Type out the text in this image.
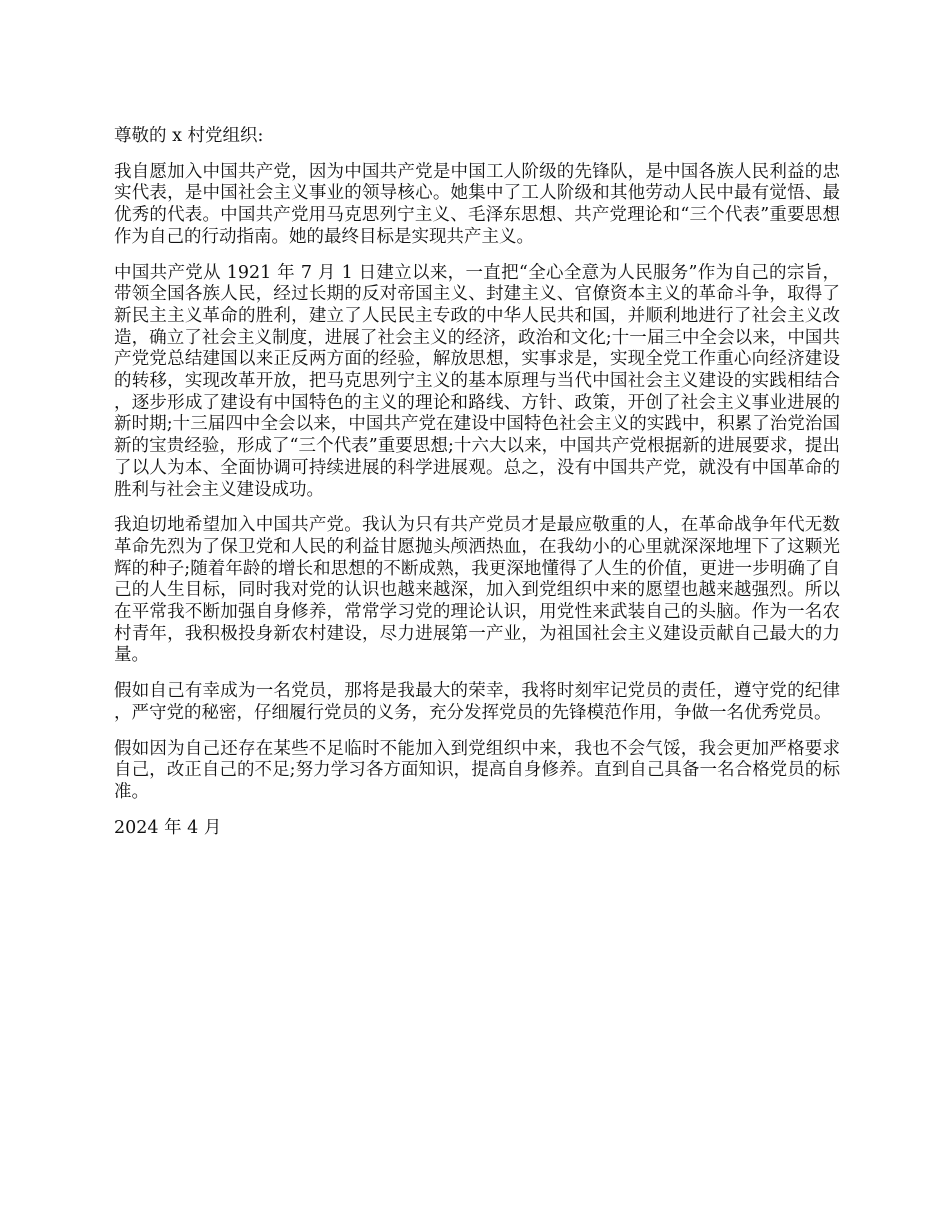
尊敬的 x 村党组织:

我自愿加入中国共产党，因为中国共产党是中国工人阶级的先锋队，是中国各族人民利益的忠实代表，是中国社会主义事业的领导核心。她集中了工人阶级和其他劳动人民中最有觉悟、最优秀的代表。中国共产党用马克思列宁主义、毛泽东思想、共产党理论和“三个代表”重要思想作为自己的行动指南。她的最终目标是实现共产主义。

中国共产党从 1921 年 7 月 1 日建立以来，一直把“全心全意为人民服务”作为自己的宗旨，带领全国各族人民，经过长期的反对帝国主义、封建主义、官僚资本主义的革命斗争，取得了新民主主义革命的胜利，建立了人民民主专政的中华人民共和国，并顺利地进行了社会主义改造，确立了社会主义制度，进展了社会主义的经济，政治和文化;十一届三中全会以来，中国共产党党总结建国以来正反两方面的经验，解放思想，实事求是，实现全党工作重心向经济建设的转移，实现改革开放，把马克思列宁主义的基本原理与当代中国社会主义建设的实践相结合，逐步形成了建设有中国特色的主义的理论和路线、方针、政策，开创了社会主义事业进展的新时期;十三届四中全会以来，中国共产党在建设中国特色社会主义的实践中，积累了治党治国新的宝贵经验，形成了“三个代表”重要思想;十六大以来，中国共产党根据新的进展要求，提出了以人为本、全面协调可持续进展的科学进展观。总之，没有中国共产党，就没有中国革命的胜利与社会主义建设成功。

我迫切地希望加入中国共产党。我认为只有共产党员才是最应敬重的人，在革命战争年代无数革命先烈为了保卫党和人民的利益甘愿抛头颅洒热血，在我幼小的心里就深深地埋下了这颗光辉的种子;随着年龄的增长和思想的不断成熟，我更深地懂得了人生的价值，更进一步明确了自己的人生目标，同时我对党的认识也越来越深，加入到党组织中来的愿望也越来越强烈。所以在平常我不断加强自身修养，常常学习党的理论认识，用党性来武装自己的头脑。作为一名农村青年，我积极投身新农村建设，尽力进展第一产业，为祖国社会主义建设贡献自己最大的力量。

假如自己有幸成为一名党员，那将是我最大的荣幸，我将时刻牢记党员的责任，遵守党的纪律，严守党的秘密，仔细履行党员的义务，充分发挥党员的先锋模范作用，争做一名优秀党员。

假如因为自己还存在某些不足临时不能加入到党组织中来，我也不会气馁，我会更加严格要求自己，改正自己的不足;努力学习各方面知识，提高自身修养。直到自己具备一名合格党员的标准。

2024 年 4 月
